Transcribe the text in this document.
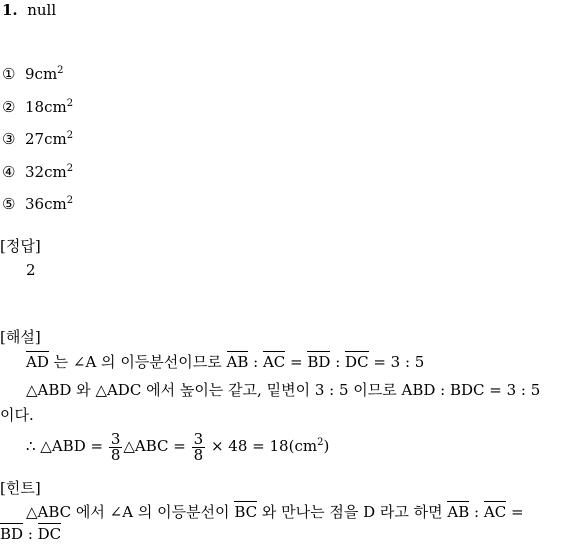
1. null
① $9cm^2$
② $18cm^2$
③ $27cm^2$
④ $32cm^2$
⑤ $36cm^2$
[정답]
2
[해설]
AD 는 ∠A 의 이등분선이므로 AB : AC = BD : DC = 3 : 5
△ABD 와 △ADC 에서 높이는 같고, 밑변이 3 : 5 이므로 ABD : BDC = 3 : 5
이다.
∴ △ABD = $\frac{3}{8}$ △ABC = $\frac{3}{8} \times 48 = 18(cm^2)$
[힌트]
△ABC 에서 ∠A 의 이등분선이 BC 와 만나는 점을 D 라고 하면 AB : AC =
BD : DC
